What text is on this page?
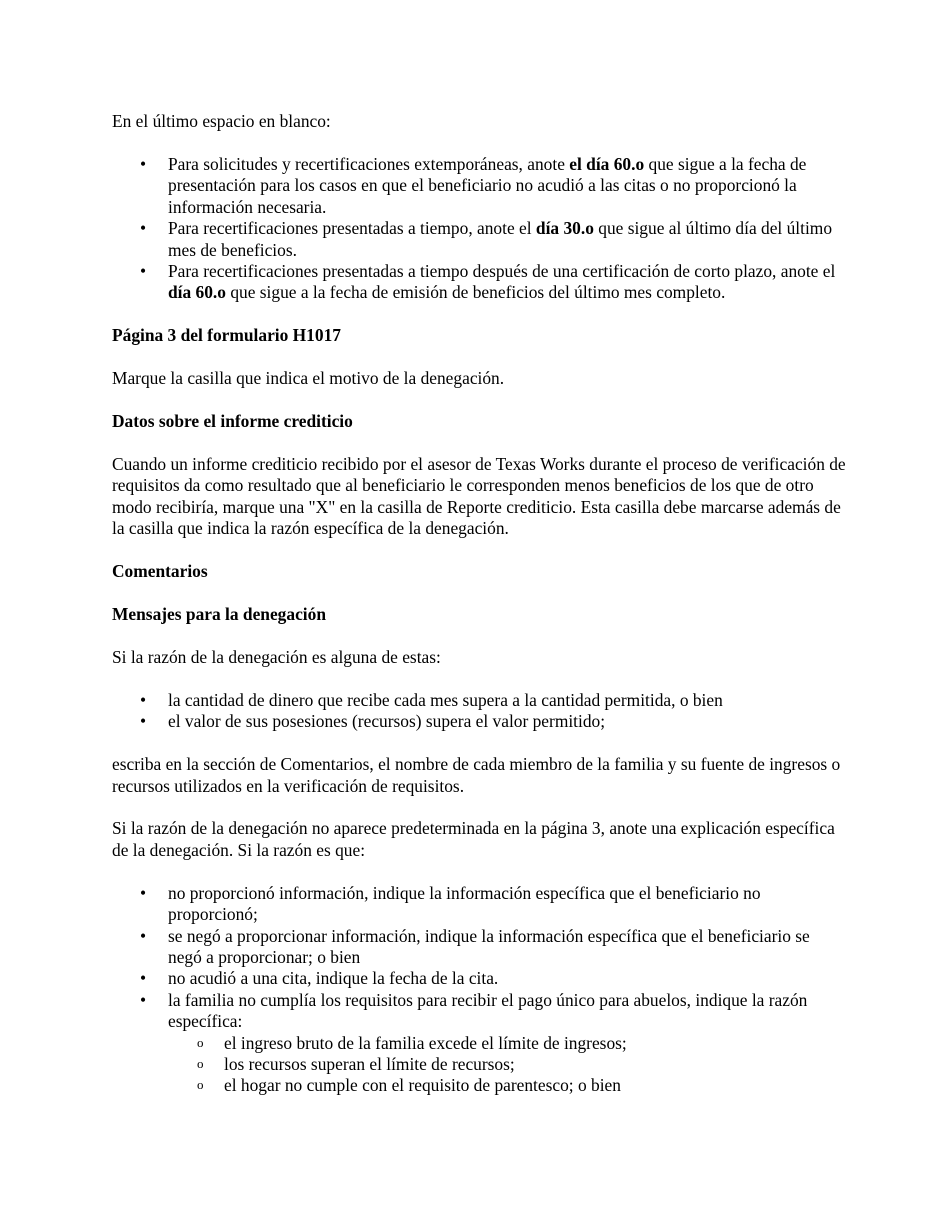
En el último espacio en blanco:

• Para solicitudes y recertificaciones extemporáneas, anote el día 60.o que sigue a la fecha de presentación para los casos en que el beneficiario no acudió a las citas o no proporcionó la información necesaria.
• Para recertificaciones presentadas a tiempo, anote el día 30.o que sigue al último día del último mes de beneficios.
• Para recertificaciones presentadas a tiempo después de una certificación de corto plazo, anote el día 60.o que sigue a la fecha de emisión de beneficios del último mes completo.

Página 3 del formulario H1017

Marque la casilla que indica el motivo de la denegación.

Datos sobre el informe crediticio

Cuando un informe crediticio recibido por el asesor de Texas Works durante el proceso de verificación de requisitos da como resultado que al beneficiario le corresponden menos beneficios de los que de otro modo recibiría, marque una "X" en la casilla de Reporte crediticio. Esta casilla debe marcarse además de la casilla que indica la razón específica de la denegación.

Comentarios

Mensajes para la denegación

Si la razón de la denegación es alguna de estas:

• la cantidad de dinero que recibe cada mes supera a la cantidad permitida, o bien
• el valor de sus posesiones (recursos) supera el valor permitido;

escriba en la sección de Comentarios, el nombre de cada miembro de la familia y su fuente de ingresos o recursos utilizados en la verificación de requisitos.

Si la razón de la denegación no aparece predeterminada en la página 3, anote una explicación específica de la denegación. Si la razón es que:

• no proporcionó información, indique la información específica que el beneficiario no proporcionó;
• se negó a proporcionar información, indique la información específica que el beneficiario se negó a proporcionar; o bien
• no acudió a una cita, indique la fecha de la cita.
• la familia no cumplía los requisitos para recibir el pago único para abuelos, indique la razón específica:
o el ingreso bruto de la familia excede el límite de ingresos;
o los recursos superan el límite de recursos;
o el hogar no cumple con el requisito de parentesco; o bien
